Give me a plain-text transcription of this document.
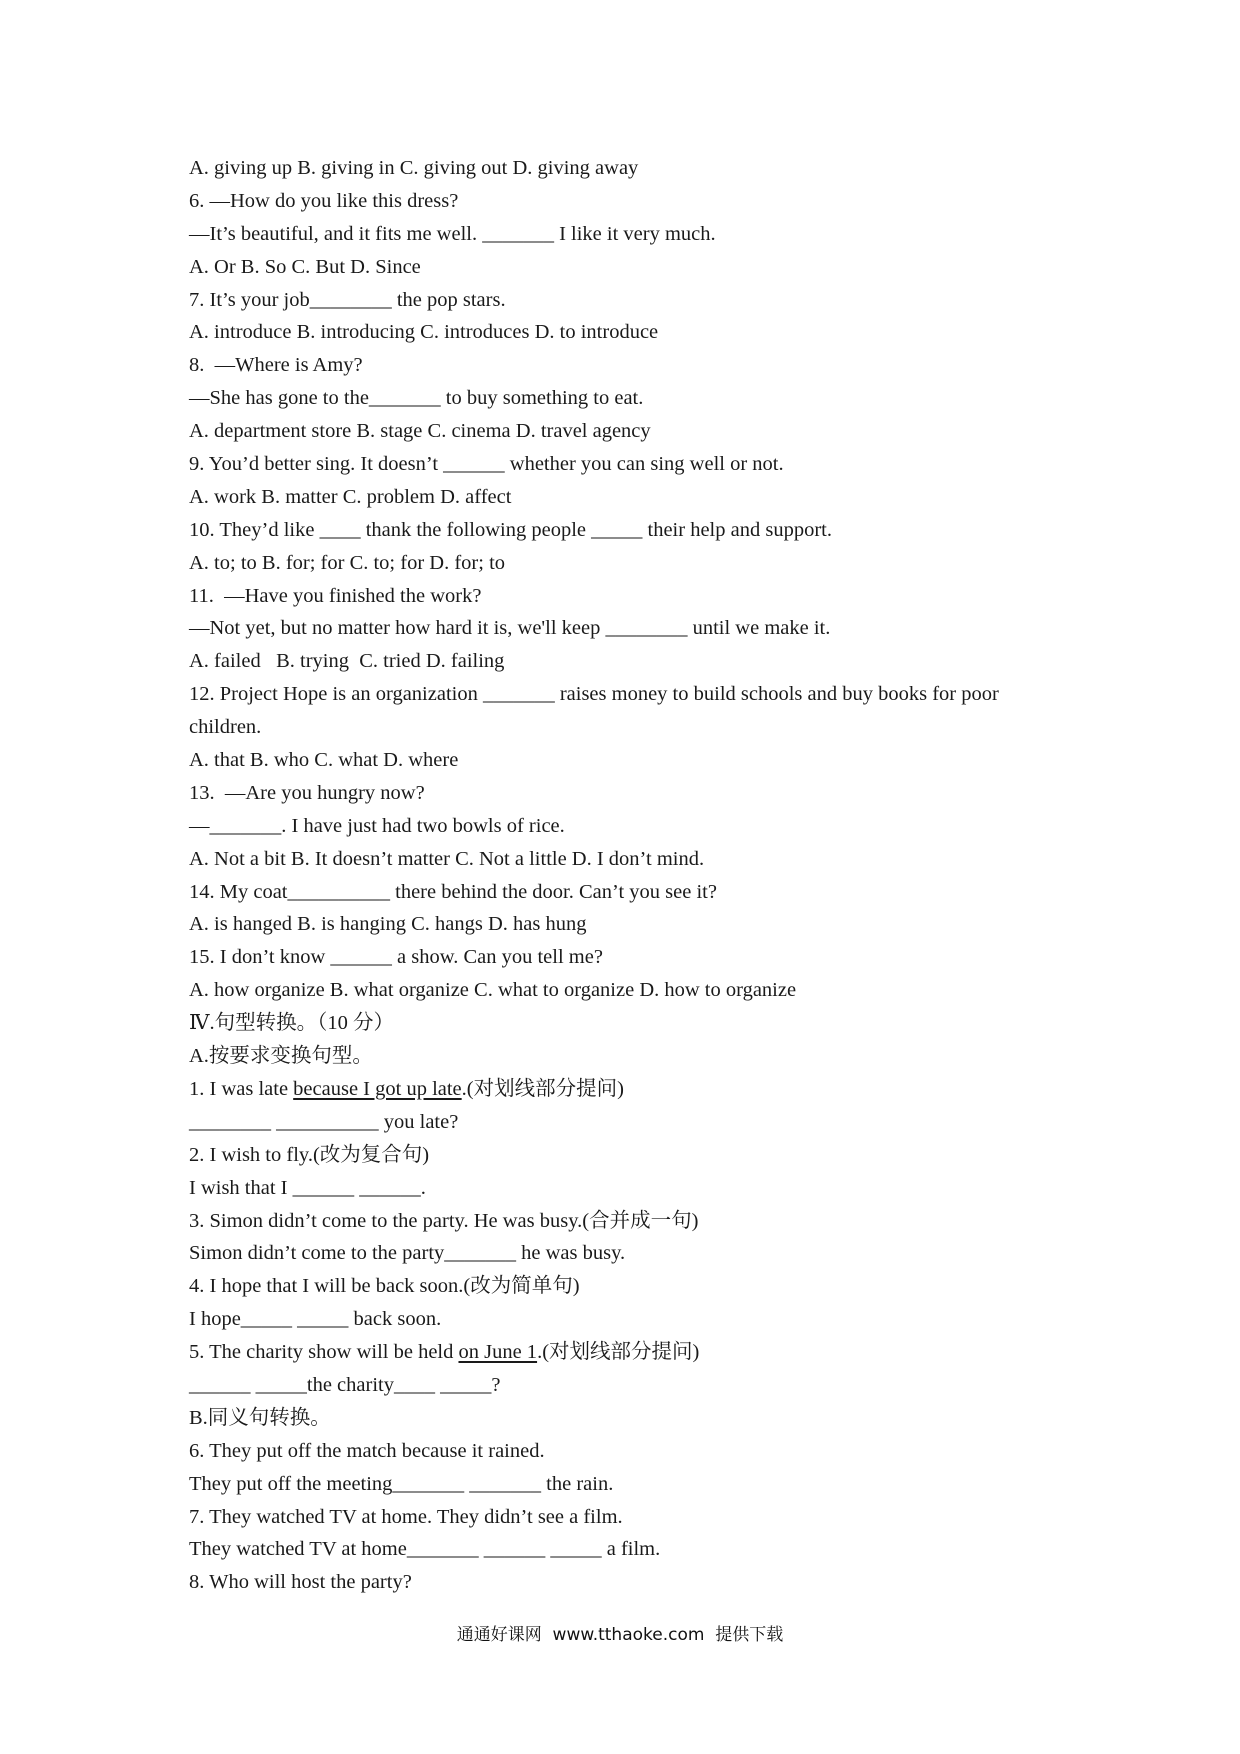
A. giving up B. giving in C. giving out D. giving away
6. —How do you like this dress?
—It’s beautiful, and it fits me well. _______ I like it very much.
A. Or B. So C. But D. Since
7. It’s your job________ the pop stars.
A. introduce B. introducing C. introduces D. to introduce
8.  —Where is Amy?
—She has gone to the_______ to buy something to eat.
A. department store B. stage C. cinema D. travel agency
9. You’d better sing. It doesn’t ______ whether you can sing well or not.
A. work B. matter C. problem D. affect
10. They’d like ____ thank the following people _____ their help and support.
A. to; to B. for; for C. to; for D. for; to
11.  —Have you finished the work?
—Not yet, but no matter how hard it is, we'll keep ________ until we make it.
A. failed   B. trying  C. tried D. failing
12. Project Hope is an organization _______ raises money to build schools and buy books for poor
children.
A. that B. who C. what D. where
13.  —Are you hungry now?
—_______. I have just had two bowls of rice.
A. Not a bit B. It doesn’t matter C. Not a little D. I don’t mind.
14. My coat__________ there behind the door. Can’t you see it?
A. is hanged B. is hanging C. hangs D. has hung
15. I don’t know ______ a show. Can you tell me?
A. how organize B. what organize C. what to organize D. how to organize
Ⅳ.句型转换。（10 分）
A.按要求变换句型。
1. I was late because I got up late.(对划线部分提问)
________ __________ you late?
2. I wish to fly.(改为复合句)
I wish that I ______ ______.
3. Simon didn’t come to the party. He was busy.(合并成一句)
Simon didn’t come to the party_______ he was busy.
4. I hope that I will be back soon.(改为简单句)
I hope_____ _____ back soon.
5. The charity show will be held on June 1.(对划线部分提问)
______ _____the charity____ _____?
B.同义句转换。
6. They put off the match because it rained.
They put off the meeting_______ _______ the rain.
7. They watched TV at home. They didn’t see a film.
They watched TV at home_______ ______ _____ a film.
8. Who will host the party?
通通好课网  www.tthaoke.com  提供下载
